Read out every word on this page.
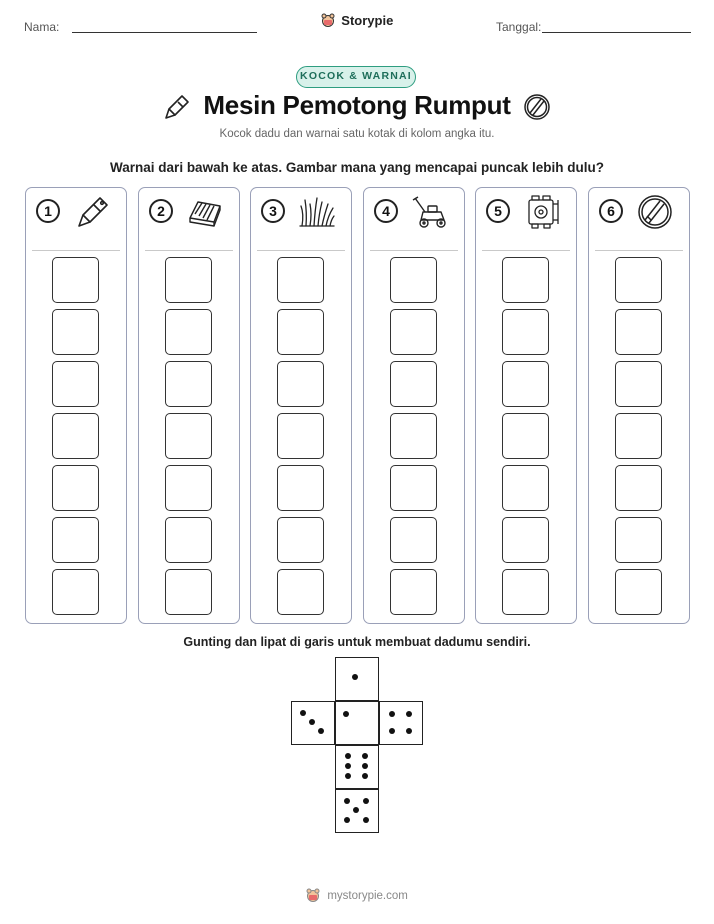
Nama:	Storypie	Tanggal:
KOCOK & WARNAI
Mesin Pemotong Rumput
Kocok dadu dan warnai satu kotak di kolom angka itu.
Warnai dari bawah ke atas. Gambar mana yang mencapai puncak lebih dulu?
1	2	3	4	5	6
Gunting dan lipat di garis untuk membuat dadumu sendiri.
mystorypie.com
